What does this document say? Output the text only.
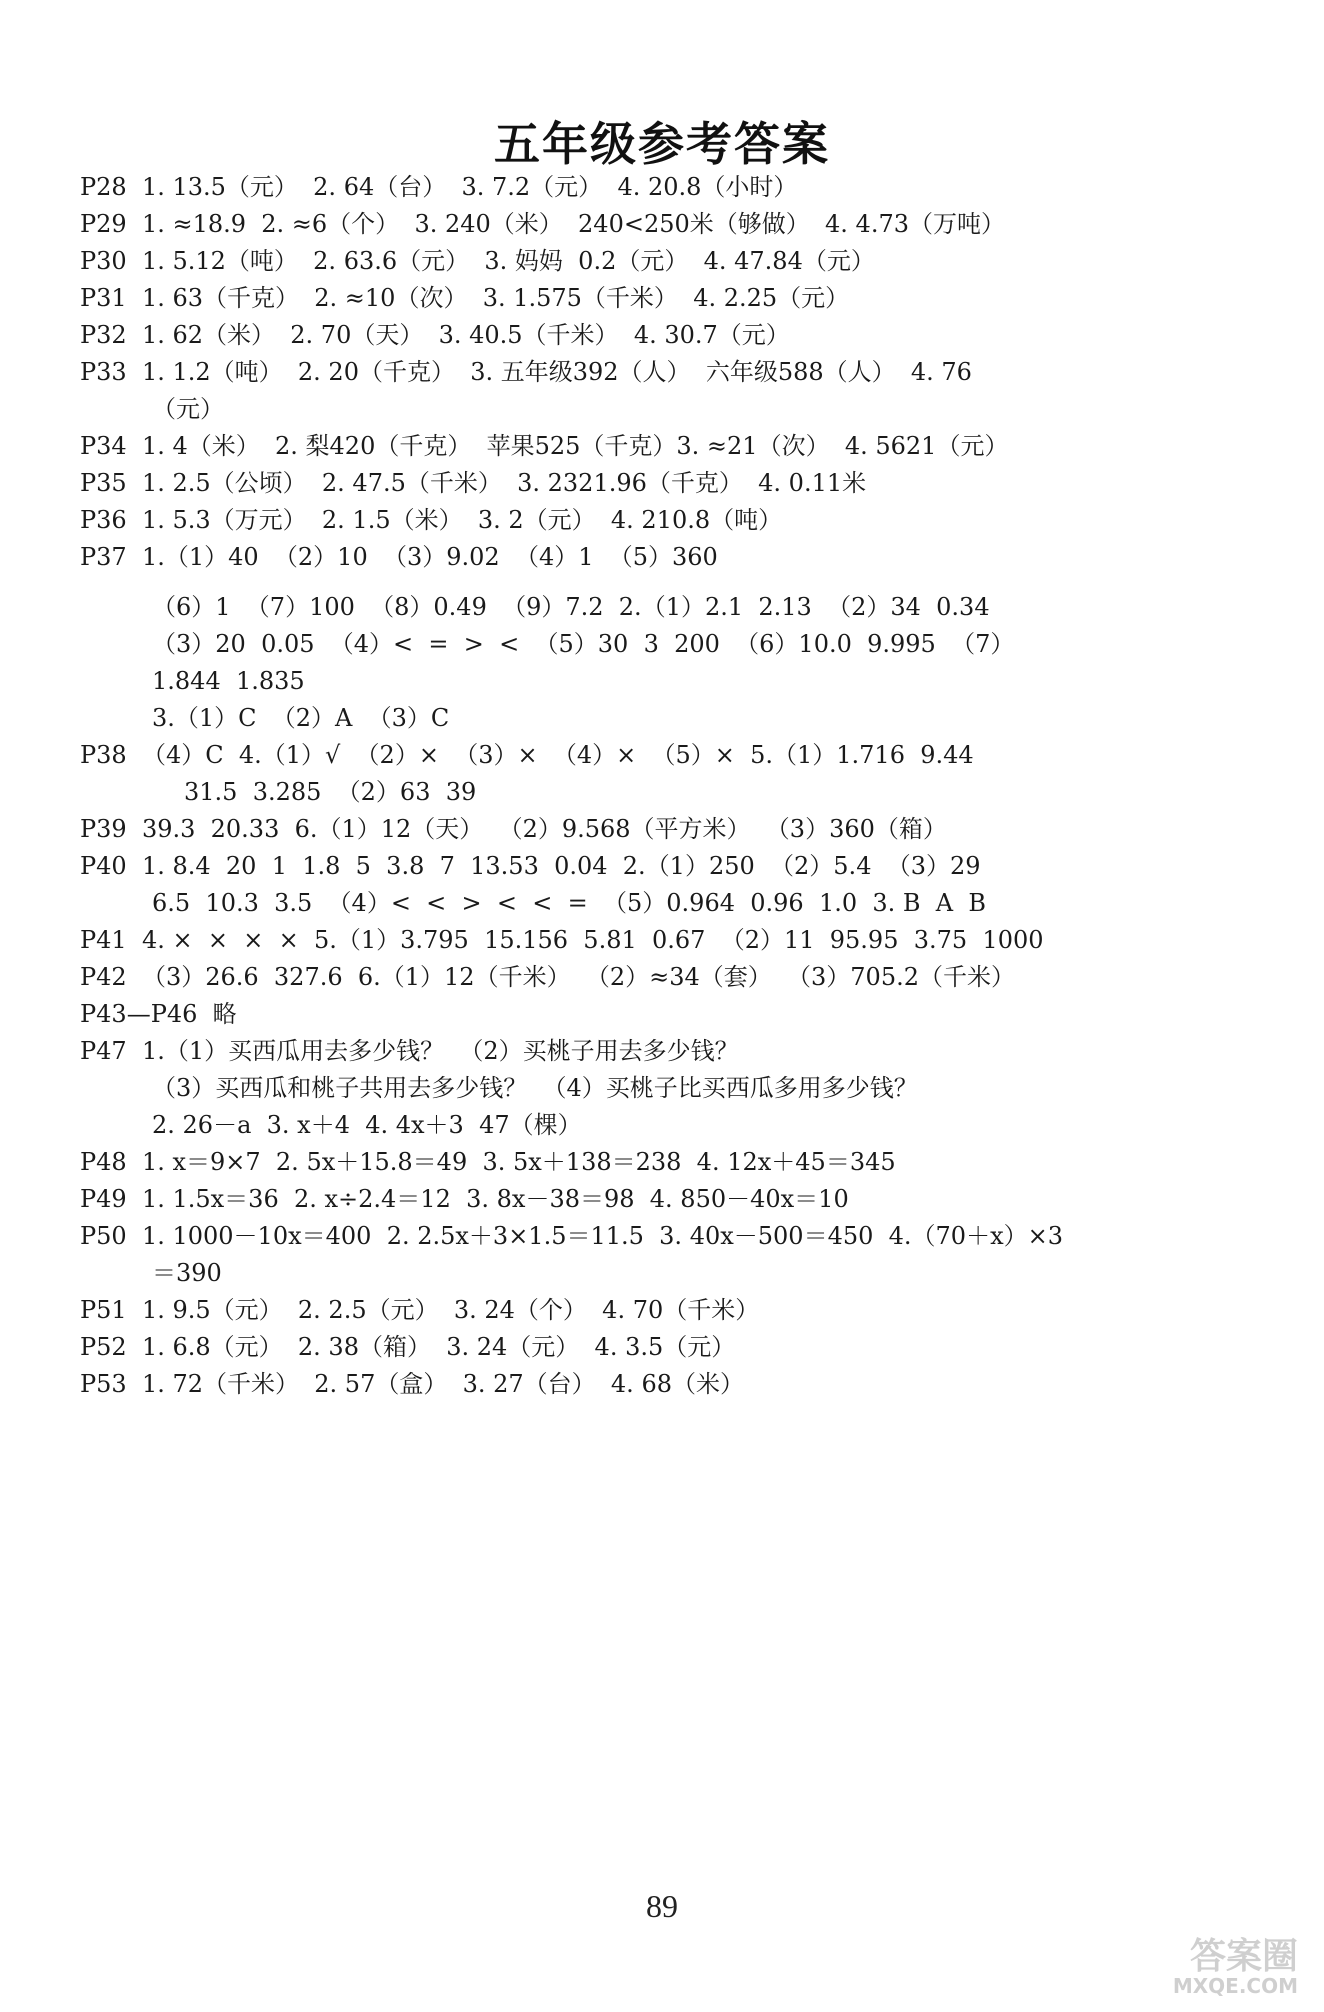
五年级参考答案
P28  1. 13.5（元）  2. 64（台）  3. 7.2（元）  4. 20.8（小时）
P29  1. ≈18.9  2. ≈6（个）  3. 240（米）  240<250米（够做）  4. 4.73（万吨）
P30  1. 5.12（吨）  2. 63.6（元）  3. 妈妈  0.2（元）  4. 47.84（元）
P31  1. 63（千克）  2. ≈10（次）  3. 1.575（千米）  4. 2.25（元）
P32  1. 62（米）  2. 70（天）  3. 40.5（千米）  4. 30.7（元）
P33  1. 1.2（吨）  2. 20（千克）  3. 五年级392（人）  六年级588（人）  4. 76
（元）
P34  1. 4（米）  2. 梨420（千克）  苹果525（千克）3. ≈21（次）  4. 5621（元）
P35  1. 2.5（公顷）  2. 47.5（千米）  3. 2321.96（千克）  4. 0.11米
P36  1. 5.3（万元）  2. 1.5（米）  3. 2（元）  4. 210.8（吨）
P37  1.（1）40  （2）10  （3）9.02  （4）1  （5）360
（6）1  （7）100  （8）0.49  （9）7.2  2.（1）2.1  2.13  （2）34  0.34
（3）20  0.05  （4）<  =  >  <  （5）30  3  200  （6）10.0  9.995  （7）
1.844  1.835
3.（1）C  （2）A  （3）C
P38  （4）C  4.（1）√  （2）×  （3）×  （4）×  （5）×  5.（1）1.716  9.44
31.5  3.285  （2）63  39
P39  39.3  20.33  6.（1）12（天）  （2）9.568（平方米）  （3）360（箱）
P40  1. 8.4  20  1  1.8  5  3.8  7  13.53  0.04  2.（1）250  （2）5.4  （3）29
6.5  10.3  3.5  （4）<  <  >  <  <  =  （5）0.964  0.96  1.0  3. B  A  B
P41  4. ×  ×  ×  ×  5.（1）3.795  15.156  5.81  0.67  （2）11  95.95  3.75  1000
P42  （3）26.6  327.6  6.（1）12（千米）  （2）≈34（套）  （3）705.2（千米）
P43—P46  略
P47  1.（1）买西瓜用去多少钱？  （2）买桃子用去多少钱？
（3）买西瓜和桃子共用去多少钱？  （4）买桃子比买西瓜多用多少钱？
2. 26－a  3. x＋4  4. 4x＋3  47（棵）
P48  1. x＝9×7  2. 5x＋15.8＝49  3. 5x＋138＝238  4. 12x＋45＝345
P49  1. 1.5x＝36  2. x÷2.4＝12  3. 8x－38＝98  4. 850－40x＝10
P50  1. 1000－10x＝400  2. 2.5x＋3×1.5＝11.5  3. 40x－500＝450  4.（70＋x）×3
＝390
P51  1. 9.5（元）  2. 2.5（元）  3. 24（个）  4. 70（千米）
P52  1. 6.8（元）  2. 38（箱）  3. 24（元）  4. 3.5（元）
P53  1. 72（千米）  2. 57（盒）  3. 27（台）  4. 68（米）
89
答案圈
MXQE.COM
